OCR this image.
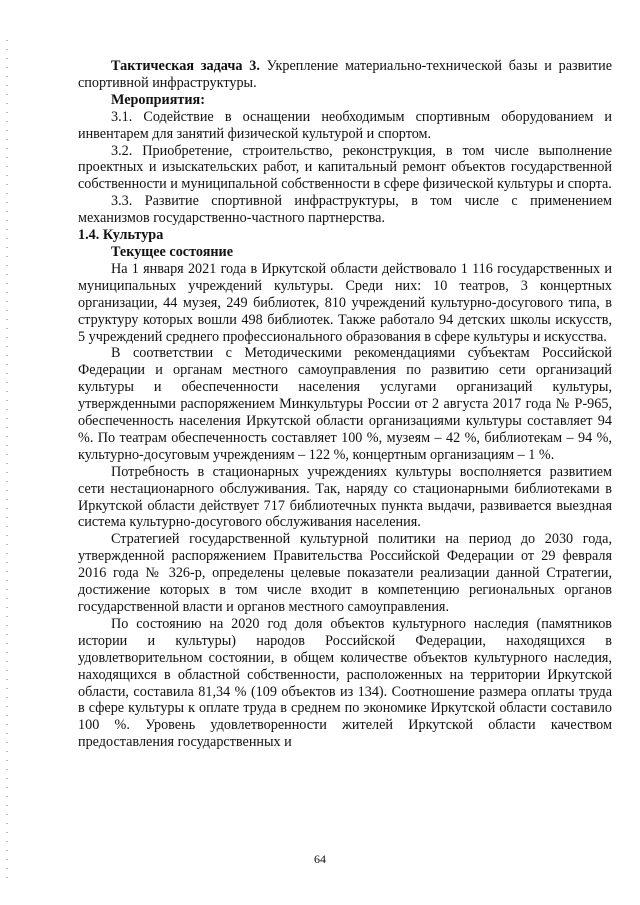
Тактическая задача 3. Укрепление материально-технической базы и развитие спортивной инфраструктуры.

Мероприятия:

3.1. Содействие в оснащении необходимым спортивным оборудованием и инвентарем для занятий физической культурой и спортом.

3.2. Приобретение, строительство, реконструкция, в том числе выполнение проектных и изыскательских работ, и капитальный ремонт объектов государственной собственности и муниципальной собственности в сфере физической культуры и спорта.

3.3. Развитие спортивной инфраструктуры, в том числе с применением механизмов государственно-частного партнерства.

1.4. Культура
Текущее состояние

На 1 января 2021 года в Иркутской области действовало 1 116 государственных и муниципальных учреждений культуры. Среди них: 10 театров, 3 концертных организации, 44 музея, 249 библиотек, 810 учреждений культурно-досугового типа, в структуру которых вошли 498 библиотек. Также работало 94 детских школы искусств, 5 учреждений среднего профессионального образования в сфере культуры и искусства.

В соответствии с Методическими рекомендациями субъектам Российской Федерации и органам местного самоуправления по развитию сети организаций культуры и обеспеченности населения услугами организаций культуры, утвержденными распоряжением Минкультуры России от 2 августа 2017 года № Р-965, обеспеченность населения Иркутской области организациями культуры составляет 94 %. По театрам обеспеченность составляет 100 %, музеям – 42 %, библиотекам – 94 %, культурно-досуговым учреждениям – 122 %, концертным организациям – 1 %.

Потребность в стационарных учреждениях культуры восполняется развитием сети нестационарного обслуживания. Так, наряду со стационарными библиотеками в Иркутской области действует 717 библиотечных пункта выдачи, развивается выездная система культурно-досугового обслуживания населения.

Стратегией государственной культурной политики на период до 2030 года, утвержденной распоряжением Правительства Российской Федерации от 29 февраля 2016 года № 326-р, определены целевые показатели реализации данной Стратегии, достижение которых в том числе входит в компетенцию региональных органов государственной власти и органов местного самоуправления.

По состоянию на 2020 год доля объектов культурного наследия (памятников истории и культуры) народов Российской Федерации, находящихся в удовлетворительном состоянии, в общем количестве объектов культурного наследия, находящихся в областной собственности, расположенных на территории Иркутской области, составила 81,34 % (109 объектов из 134). Соотношение размера оплаты труда в сфере культуры к оплате труда в среднем по экономике Иркутской области составило 100 %. Уровень удовлетворенности жителей Иркутской области качеством предоставления государственных и

64
